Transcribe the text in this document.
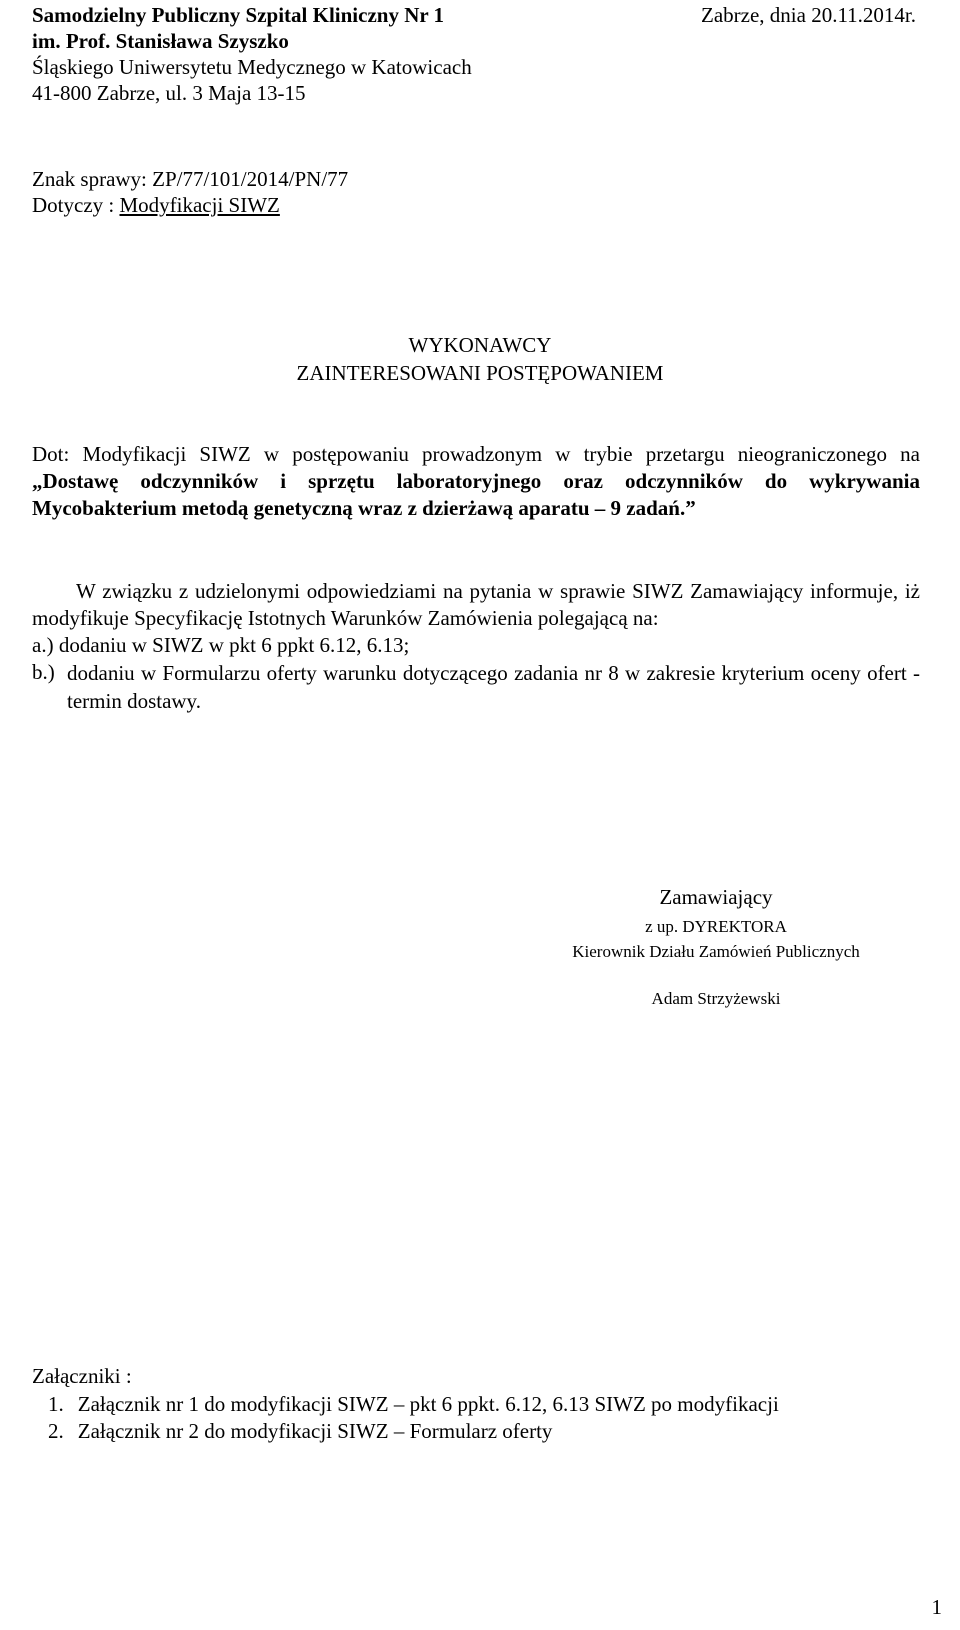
Samodzielny Publiczny Szpital Kliniczny Nr 1
im. Prof. Stanisława Szyszko
Śląskiego Uniwersytetu Medycznego w Katowicach
41-800 Zabrze, ul. 3 Maja 13-15
Zabrze, dnia 20.11.2014r.
Znak sprawy: ZP/77/101/2014/PN/77
Dotyczy : Modyfikacji SIWZ
WYKONAWCY
ZAINTERESOWANI POSTĘPOWANIEM
Dot: Modyfikacji SIWZ w postępowaniu prowadzonym w trybie przetargu nieograniczonego na „Dostawę odczynników i sprzętu laboratoryjnego oraz odczynników do wykrywania Mycobakterium metodą genetyczną wraz z dzierżawą aparatu – 9 zadań.”
W związku z udzielonymi odpowiedziami na pytania w sprawie SIWZ Zamawiający informuje, iż modyfikuje Specyfikację Istotnych Warunków Zamówienia polegającą na:
a.) dodaniu w SIWZ w pkt 6 ppkt 6.12, 6.13;
b.) dodaniu w Formularzu oferty warunku dotyczącego zadania nr 8 w zakresie kryterium oceny ofert - termin dostawy.
Zamawiający
z up. DYREKTORA
Kierownik Działu Zamówień Publicznych
Adam Strzyżewski
Załączniki :
1. Załącznik nr 1 do modyfikacji SIWZ – pkt 6 ppkt. 6.12, 6.13 SIWZ po modyfikacji
2. Załącznik nr 2 do modyfikacji SIWZ – Formularz oferty
1
